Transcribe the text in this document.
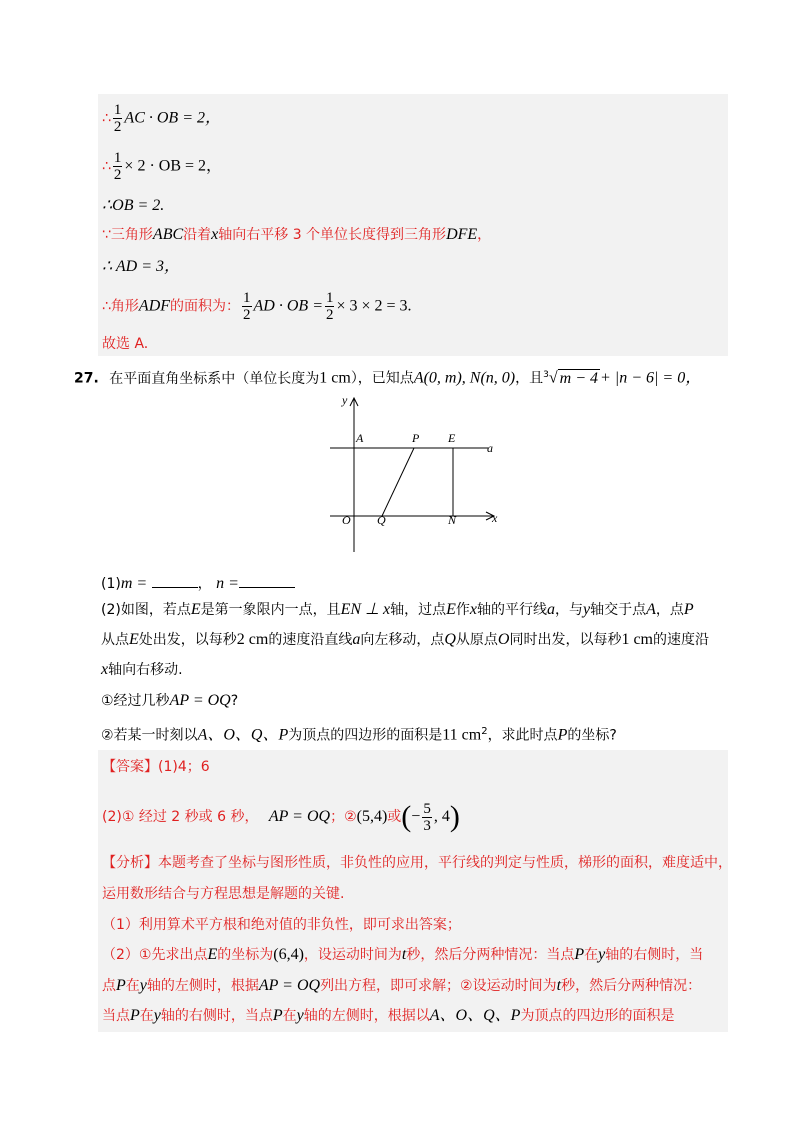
∴ $\frac{1}{2}$ AC · OB = 2，
∴ $\frac{1}{2} \times 2$ · OB = 2，
∴OB = 2.
∵三角形ABC沿着x轴向右平移 3 个单位长度得到三角形DFE，
∴ AD = 3，
∴角形ADF的面积为： $\frac{1}{2}$ AD · OB = $\frac{1}{2} \times 3 \times 2 = 3$.
故选 A.
27. 在平面直角坐标系中（单位长度为1 cm），已知点A(0, m), N(n, 0)，且$^3$√ m − 4 + |n − 6| = 0，
y
x
A	P E
a
O Q	N
(1)m =	， n =
(2)如图，若点E是第一象限内一点，且EN ⊥ x轴，过点E作x轴的平行线a，与y轴交于点A，点P
从点E处出发，以每秒2 cm的速度沿直线a向左移动，点Q从原点O同时出发，以每秒1 cm的速度沿
x轴向右移动.
①经过几秒AP = OQ?
②若某一时刻以A、O、Q、P为顶点的四边形的面积是11 $cm^2$，求此时点P的坐标?
【答案】(1)4；6
(2)① 经过 2 秒或 6 秒， AP = OQ；②(5,4)或(− $\frac{5}{3}$ , 4)
【分析】本题考查了坐标与图形性质，非负性的应用，平行线的判定与性质，梯形的面积，难度适中，
运用数形结合与方程思想是解题的关键.
（1）利用算术平方根和绝对值的非负性，即可求出答案；
（2）①先求出点E的坐标为(6,4)，设运动时间为t秒，然后分两种情况：当点P在y轴的右侧时，当
点P在y轴的左侧时，根据AP = OQ列出方程，即可求解；②设运动时间为t秒，然后分两种情况：
当点P在y轴的右侧时，当点P在y轴的左侧时，根据以A、O、Q、P为顶点的四边形的面积是
